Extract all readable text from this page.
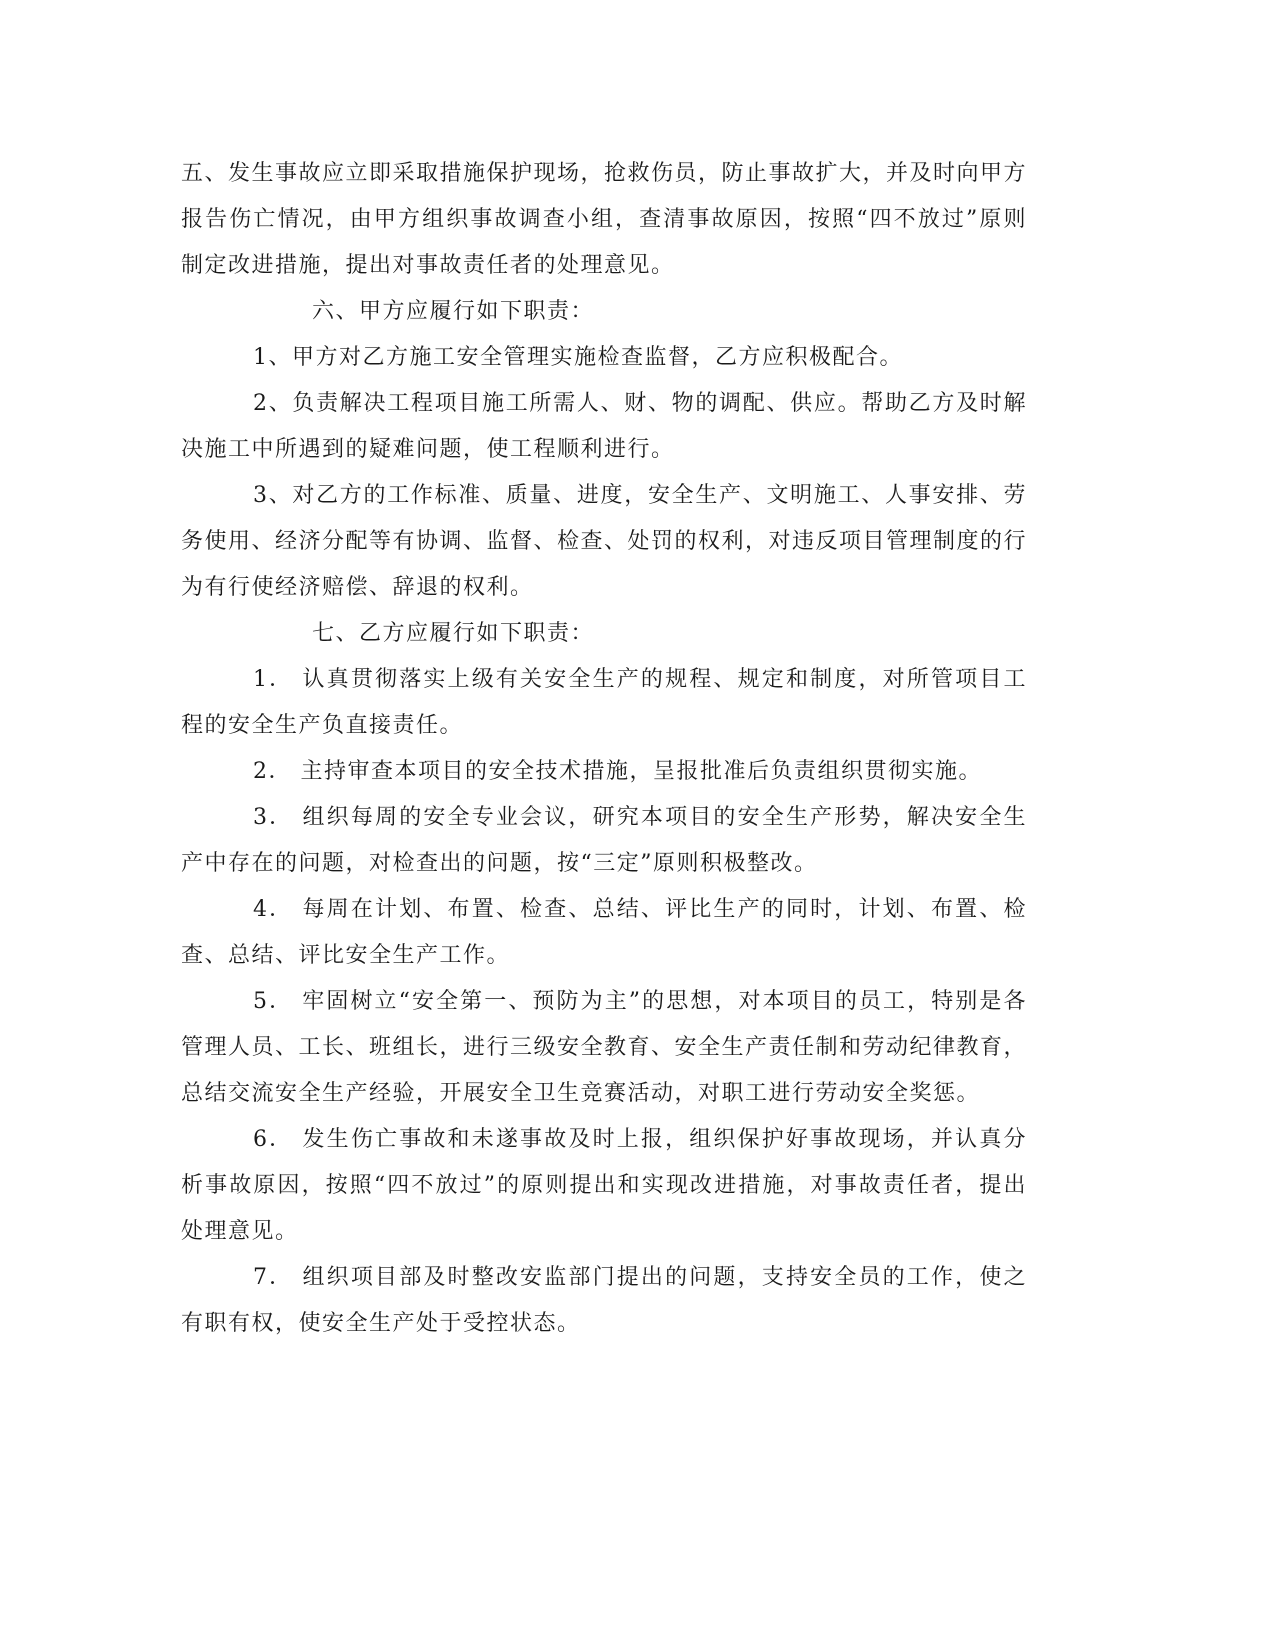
五、发生事故应立即采取措施保护现场，抢救伤员，防止事故扩大，并及时向甲方报告伤亡情况，由甲方组织事故调查小组，查清事故原因，按照“四不放过”原则制定改进措施，提出对事故责任者的处理意见。

六、甲方应履行如下职责：

1、甲方对乙方施工安全管理实施检查监督，乙方应积极配合。

2、负责解决工程项目施工所需人、财、物的调配、供应。帮助乙方及时解决施工中所遇到的疑难问题，使工程顺利进行。

3、对乙方的工作标准、质量、进度，安全生产、文明施工、人事安排、劳务使用、经济分配等有协调、监督、检查、处罚的权利，对违反项目管理制度的行为有行使经济赔偿、辞退的权利。

七、乙方应履行如下职责：

1． 认真贯彻落实上级有关安全生产的规程、规定和制度，对所管项目工程的安全生产负直接责任。

2． 主持审查本项目的安全技术措施，呈报批准后负责组织贯彻实施。

3． 组织每周的安全专业会议，研究本项目的安全生产形势，解决安全生产中存在的问题，对检查出的问题，按“三定”原则积极整改。

4． 每周在计划、布置、检查、总结、评比生产的同时，计划、布置、检查、总结、评比安全生产工作。

5． 牢固树立“安全第一、预防为主”的思想，对本项目的员工，特别是各管理人员、工长、班组长，进行三级安全教育、安全生产责任制和劳动纪律教育，总结交流安全生产经验，开展安全卫生竞赛活动，对职工进行劳动安全奖惩。

6． 发生伤亡事故和未遂事故及时上报，组织保护好事故现场，并认真分析事故原因，按照“四不放过”的原则提出和实现改进措施，对事故责任者，提出处理意见。

7． 组织项目部及时整改安监部门提出的问题，支持安全员的工作，使之有职有权，使安全生产处于受控状态。
